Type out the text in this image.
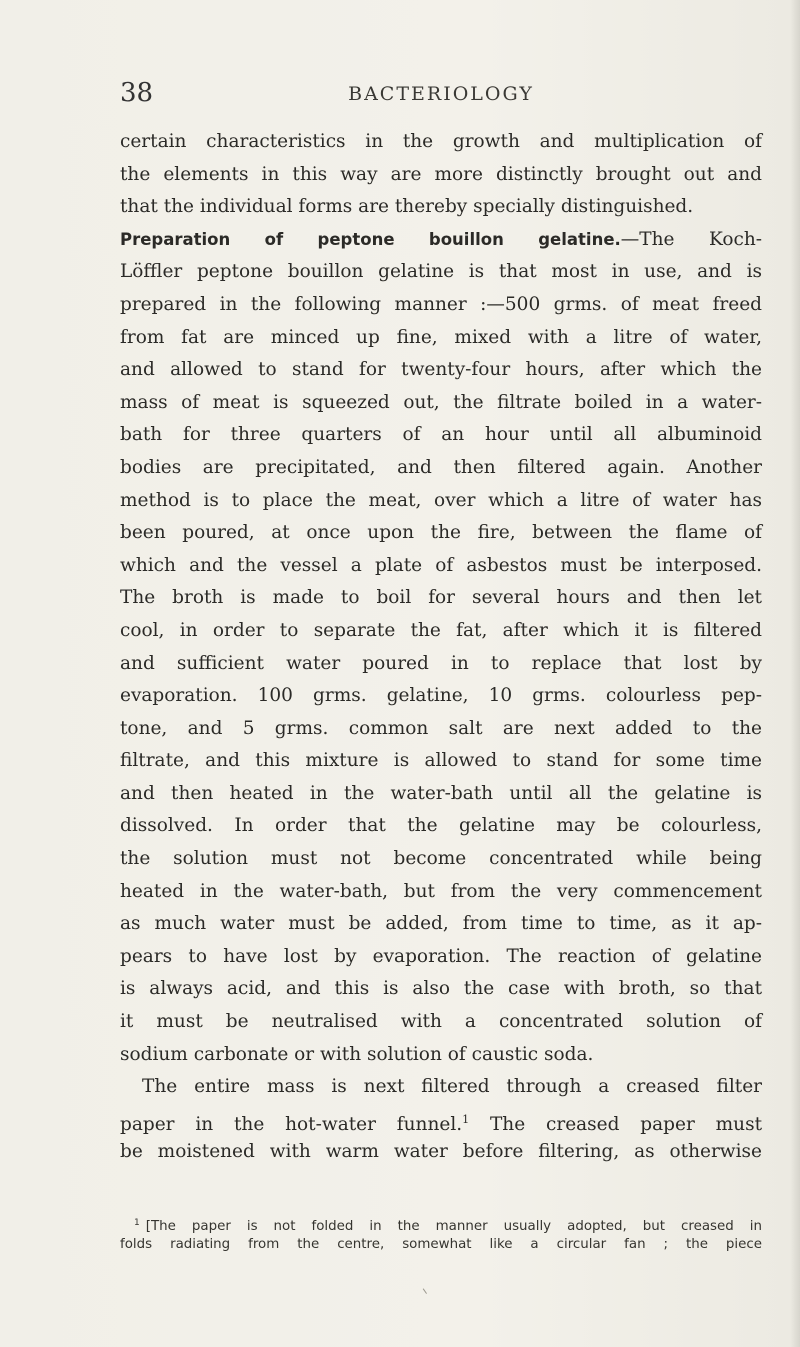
38	BACTERIOLOGY
certain characteristics in the growth and multiplication of
the elements in this way are more distinctly brought out and
that the individual forms are thereby specially distinguished.
Preparation of peptone bouillon gelatine.—The Koch-
Löffler peptone bouillon gelatine is that most in use, and is
prepared in the following manner :—500 grms. of meat freed
from fat are minced up fine, mixed with a litre of water,
and allowed to stand for twenty-four hours, after which the
mass of meat is squeezed out, the filtrate boiled in a water-
bath for three quarters of an hour until all albuminoid
bodies are precipitated, and then filtered again. Another
method is to place the meat, over which a litre of water has
been poured, at once upon the fire, between the flame of
which and the vessel a plate of asbestos must be interposed.
The broth is made to boil for several hours and then let
cool, in order to separate the fat, after which it is filtered
and sufficient water poured in to replace that lost by
evaporation. 100 grms. gelatine, 10 grms. colourless pep-
tone, and 5 grms. common salt are next added to the
filtrate, and this mixture is allowed to stand for some time
and then heated in the water-bath until all the gelatine is
dissolved. In order that the gelatine may be colourless,
the solution must not become concentrated while being
heated in the water-bath, but from the very commencement
as much water must be added, from time to time, as it ap-
pears to have lost by evaporation. The reaction of gelatine
is always acid, and this is also the case with broth, so that
it must be neutralised with a concentrated solution of
sodium carbonate or with solution of caustic soda.
The entire mass is next filtered through a creased filter
paper in the hot-water funnel.$^1$ The creased paper must
be moistened with warm water before filtering, as otherwise
$^1$ [The paper is not folded in the manner usually adopted, but creased in
folds radiating from the centre, somewhat like a circular fan ; the piece
